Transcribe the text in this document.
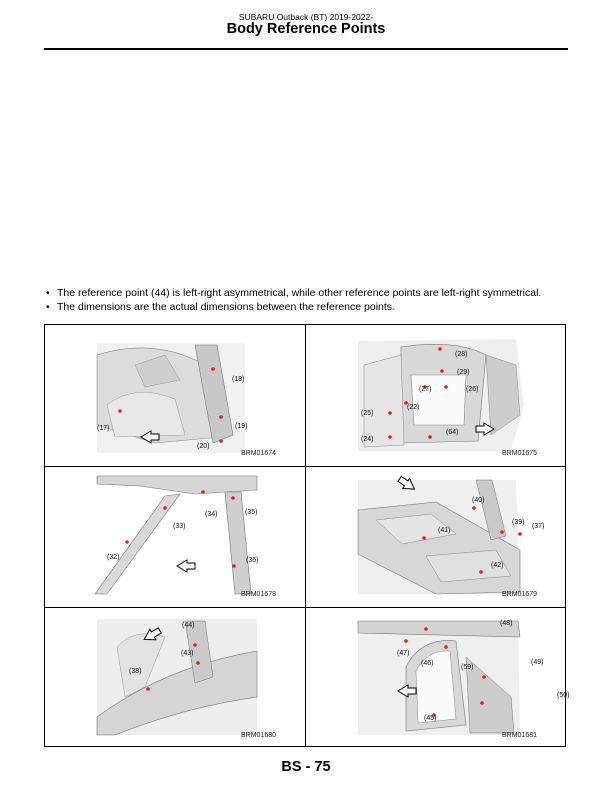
SUBARU Outback (BT) 2019-2022-
Body Reference Points
• The reference point (44) is left-right asymmetrical, while other reference points are left-right symmetrical.
• The dimensions are the actual dimensions between the reference points.
(18)
(17)	(19)
(20)
BRM01674
(28)
(29)
(27)	(26)
(25)
(22)
(24)
(64)
BRM01675
(34)	(35)
(33)
(32)	(36)
BRM01678
(40)
(39)
(37)
(41)
(42)
BRM01679
(44)
(43)
(38)
BRM01680
(48)
(47)
(46)
(59)
(49)
(50)
(45)
BRM01681
BS - 75
